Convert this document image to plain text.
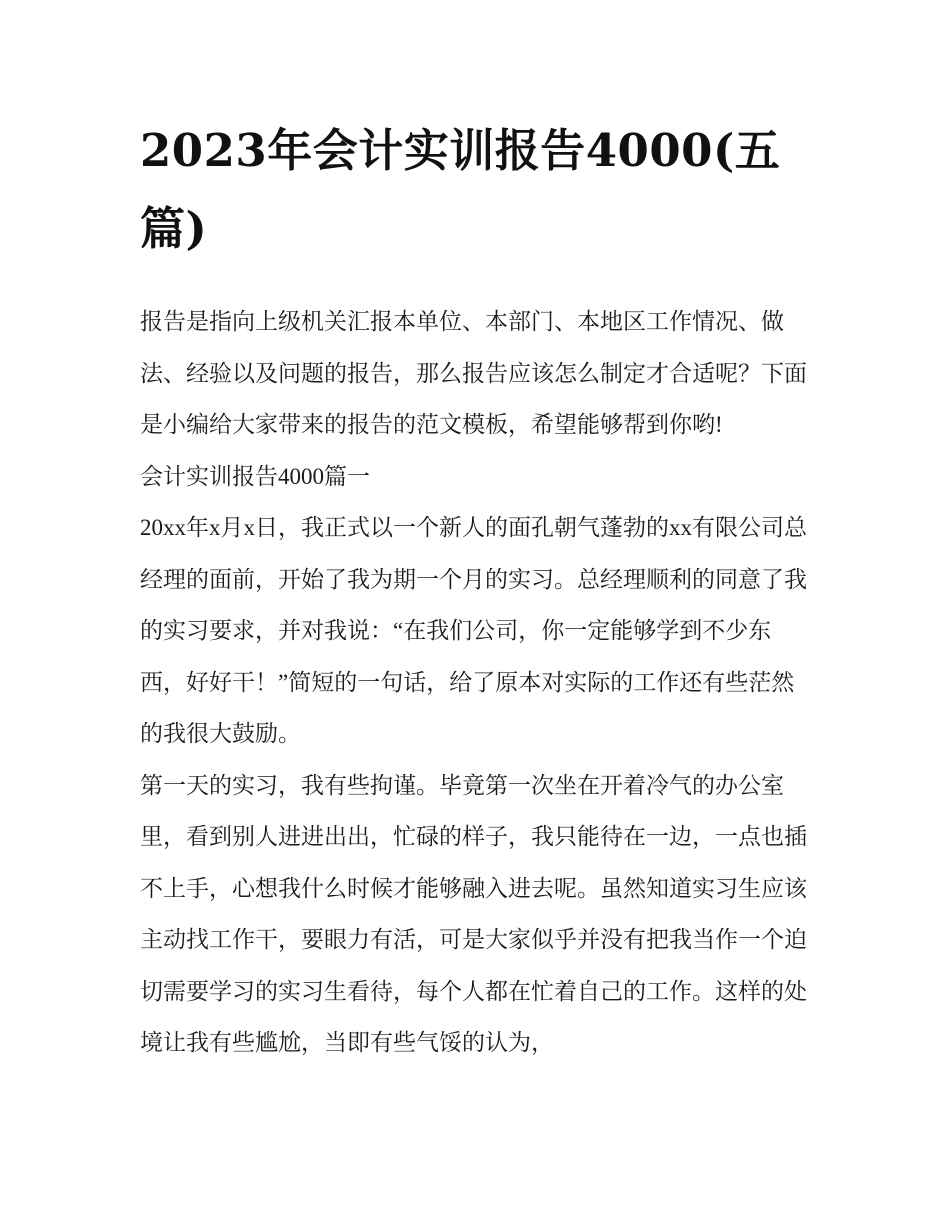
2023年会计实训报告4000(五篇)

报告是指向上级机关汇报本单位、本部门、本地区工作情况、做法、经验以及问题的报告，那么报告应该怎么制定才合适呢？下面是小编给大家带来的报告的范文模板，希望能够帮到你哟!

会计实训报告4000篇一

20xx年x月x日，我正式以一个新人的面孔朝气蓬勃的xx有限公司总经理的面前，开始了我为期一个月的实习。总经理顺利的同意了我的实习要求，并对我说：“在我们公司，你一定能够学到不少东西，好好干！”简短的一句话，给了原本对实际的工作还有些茫然的我很大鼓励。

第一天的实习，我有些拘谨。毕竟第一次坐在开着冷气的办公室里，看到别人进进出出，忙碌的样子，我只能待在一边，一点也插不上手，心想我什么时候才能够融入进去呢。虽然知道实习生应该主动找工作干，要眼力有活，可是大家似乎并没有把我当作一个迫切需要学习的实习生看待，每个人都在忙着自己的工作。这样的处境让我有些尴尬，当即有些气馁的认为，
